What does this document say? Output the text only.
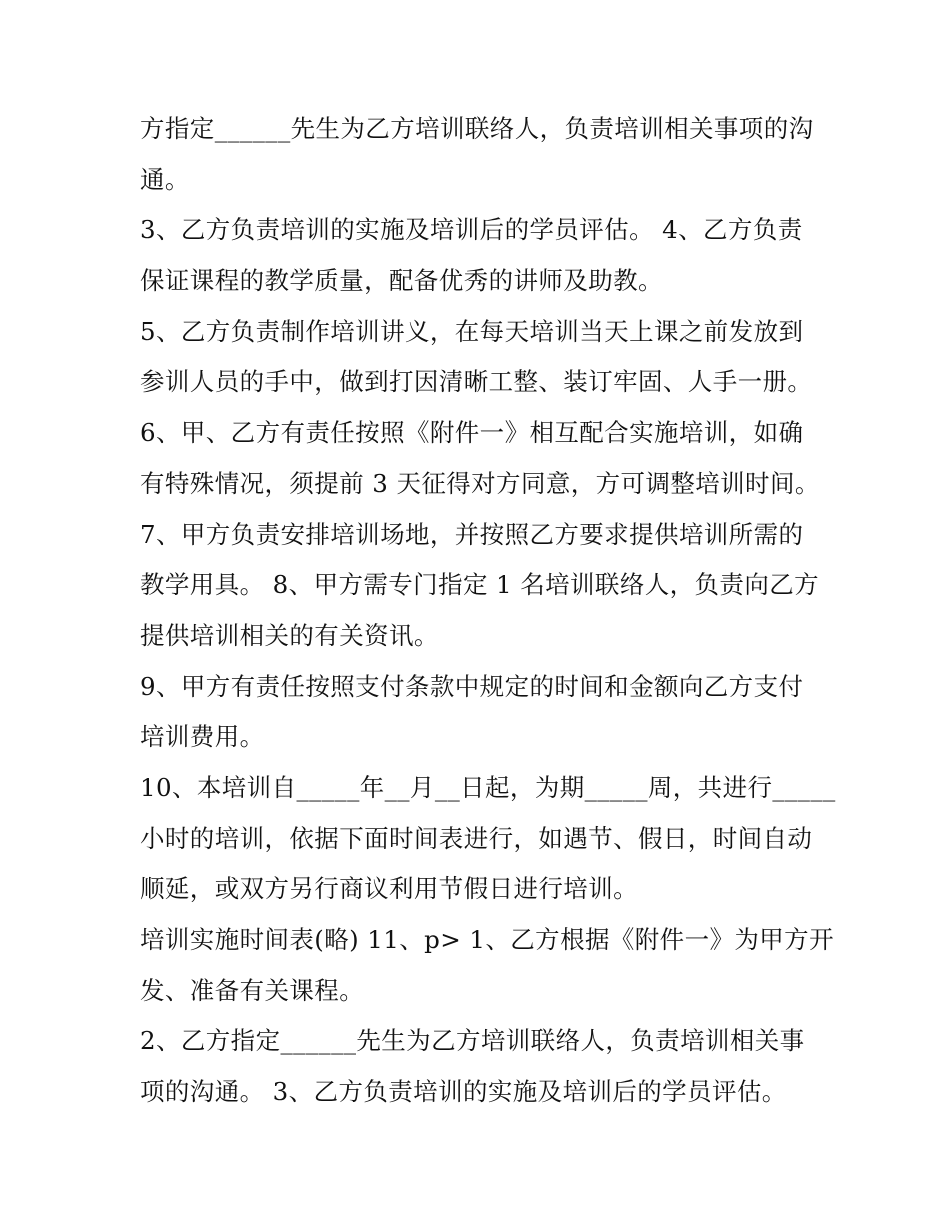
方指定______先生为乙方培训联络人，负责培训相关事项的沟
通。
3、乙方负责培训的实施及培训后的学员评估。 4、乙方负责
保证课程的教学质量，配备优秀的讲师及助教。
5、乙方负责制作培训讲义，在每天培训当天上课之前发放到
参训人员的手中，做到打因清晰工整、装订牢固、人手一册。
6、甲、乙方有责任按照《附件一》相互配合实施培训，如确
有特殊情况，须提前 3 天征得对方同意，方可调整培训时间。
7、甲方负责安排培训场地，并按照乙方要求提供培训所需的
教学用具。 8、甲方需专门指定 1 名培训联络人，负责向乙方
提供培训相关的有关资讯。
9、甲方有责任按照支付条款中规定的时间和金额向乙方支付
培训费用。
10、本培训自_____年__月__日起，为期_____周，共进行_____
小时的培训，依据下面时间表进行，如遇节、假日，时间自动
顺延，或双方另行商议利用节假日进行培训。
培训实施时间表(略) 11、p> 1、乙方根据《附件一》为甲方开
发、准备有关课程。
2、乙方指定______先生为乙方培训联络人，负责培训相关事
项的沟通。 3、乙方负责培训的实施及培训后的学员评估。
